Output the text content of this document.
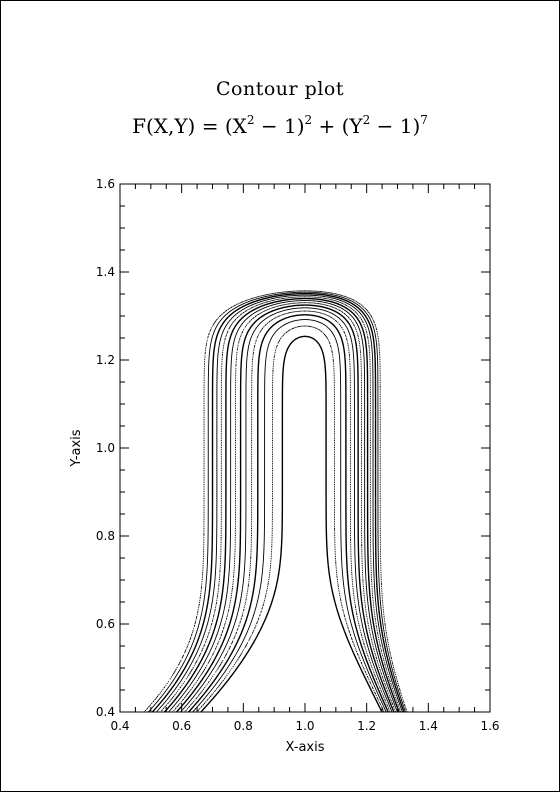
Contour plot
$F(X,Y) = (X^2 - 1)^2 + (Y^2 - 1)^7$
0.4	0.6	0.8	1.0	1.2	1.4	1.6
0.4
0.6
0.8
1.0
1.2
1.4
1.6
X-axis
Y-axis
